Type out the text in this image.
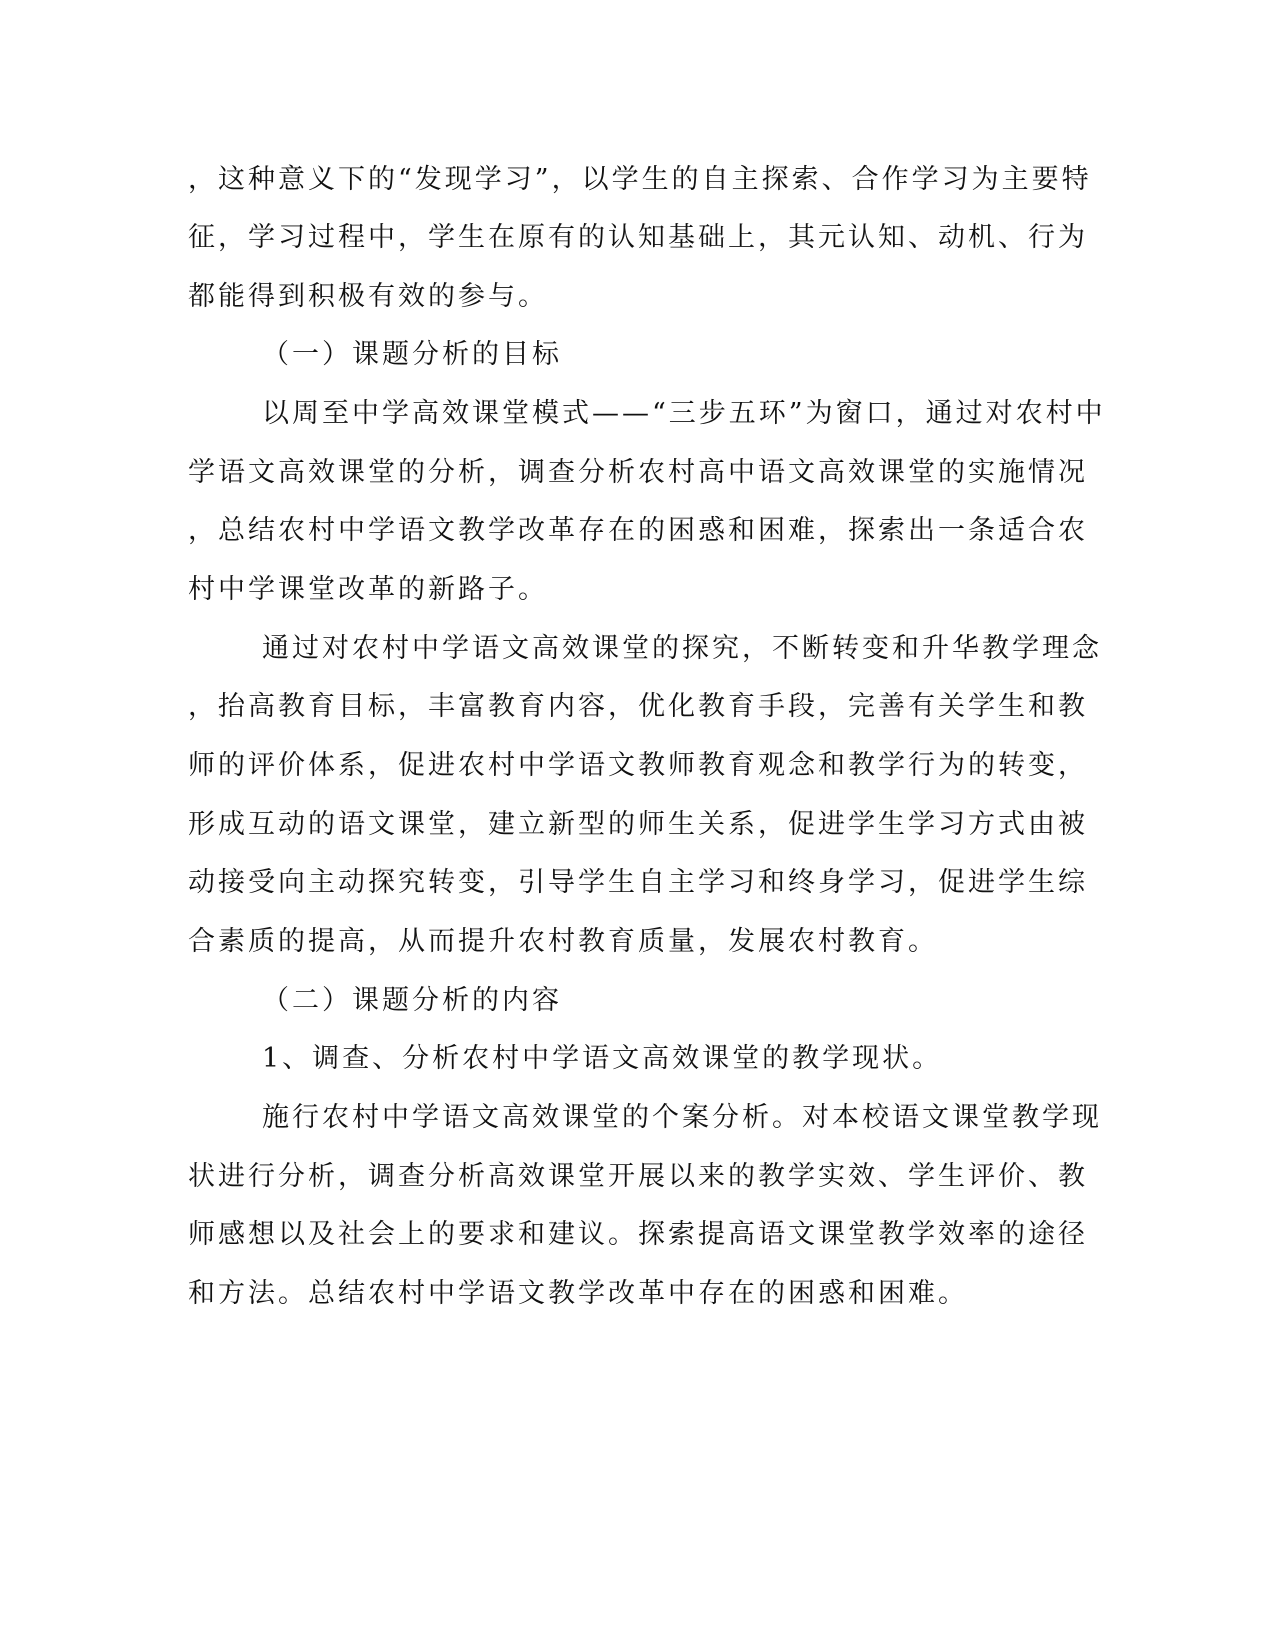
，这种意义下的“发现学习”，以学生的自主探索、合作学习为主要特
征，学习过程中，学生在原有的认知基础上，其元认知、动机、行为
都能得到积极有效的参与。
（一）课题分析的目标
以周至中学高效课堂模式——“三步五环”为窗口，通过对农村中
学语文高效课堂的分析，调查分析农村高中语文高效课堂的实施情况
，总结农村中学语文教学改革存在的困惑和困难，探索出一条适合农
村中学课堂改革的新路子。
通过对农村中学语文高效课堂的探究，不断转变和升华教学理念
，抬高教育目标，丰富教育内容，优化教育手段，完善有关学生和教
师的评价体系，促进农村中学语文教师教育观念和教学行为的转变，
形成互动的语文课堂，建立新型的师生关系，促进学生学习方式由被
动接受向主动探究转变，引导学生自主学习和终身学习，促进学生综
合素质的提高，从而提升农村教育质量，发展农村教育。
（二）课题分析的内容
1、调查、分析农村中学语文高效课堂的教学现状。
施行农村中学语文高效课堂的个案分析。对本校语文课堂教学现
状进行分析，调查分析高效课堂开展以来的教学实效、学生评价、教
师感想以及社会上的要求和建议。探索提高语文课堂教学效率的途径
和方法。总结农村中学语文教学改革中存在的困惑和困难。
